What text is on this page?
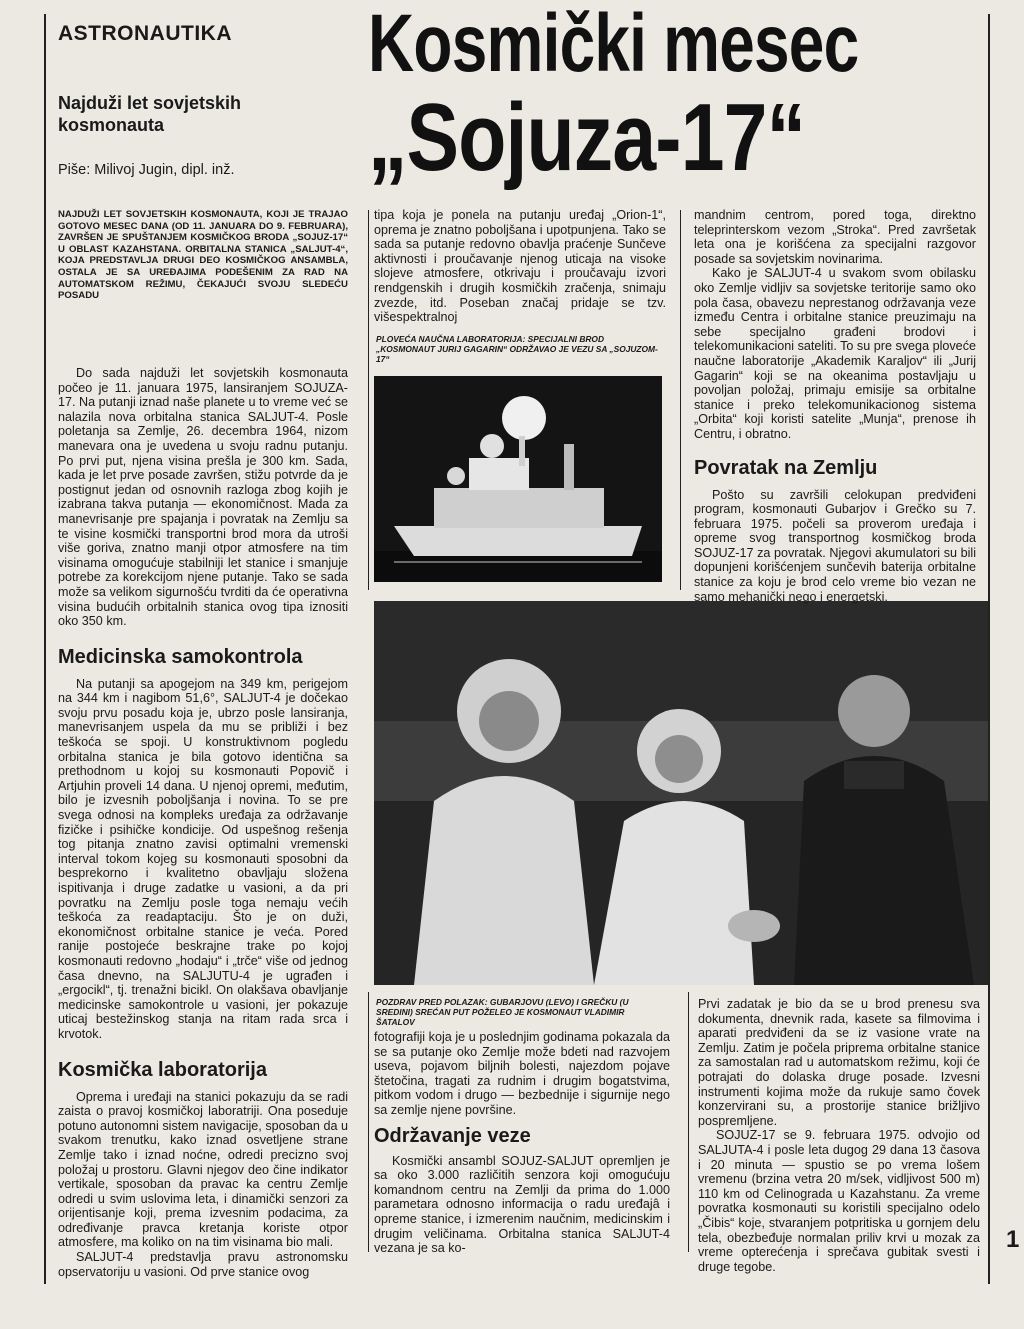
ASTRONAUTIKA Kosmički mesec
„Sojuza-17“
Najduži let sovjetskih kosmonauta
Piše: Milivoj Jugin, dipl. inž.
NAJDUŽI LET SOVJETSKIH KOSMONAUTA, KOJI JE TRAJAO GOTOVO MESEC DANA (OD 11. JANUARA DO 9. FEBRUARA), ZAVRŠEN JE SPUŠTANJEM KOSMIČKOG BRODA „SOJUZ-17“ U OBLAST KAZAHSTANA. ORBITALNA STANICA „SALJUT-4“, KOJA PREDSTAVLJA DRUGI DEO KOSMIČKOG ANSAMBLA, OSTALA JE SA UREĐAJIMA PODEŠENIM ZA RAD NA AUTOMATSKOM REŽIMU, ČEKAJUĆI SVOJU SLEDEĆU POSADU

Do sada najduži let sovjetskih kosmonauta počeo je 11. januara 1975, lansiranjem SOJUZA-17. Na putanji iznad naše planete u to vreme već se nalazila nova orbitalna stanica SALJUT-4. Posle poletanja sa Zemlje, 26. decembra 1964, nizom manevara ona je uvedena u svoju radnu putanju. Po prvi put, njena visina prešla je 300 km. Sada, kada je let prve posade završen, stižu potvrde da je postignut jedan od osnovnih razloga zbog kojih je izabrana takva putanja — ekonomičnost. Mada za manevrisanje pre spajanja i povratak na Zemlju sa te visine kosmički transportni brod mora da utroši više goriva, znatno manji otpor atmosfere na tim visinama omogućuje stabilniji let stanice i smanjuje potrebe za korekcijom njene putanje. Tako se sada može sa velikom sigurnošću tvrditi da će operativna visina budućih orbitalnih stanica ovog tipa iznositi oko 350 km.

Medicinska samokontrola

Na putanji sa apogejom na 349 km, perigejom na 344 km i nagibom 51,6°, SALJUT-4 je dočekao svoju prvu posadu koja je, ubrzo posle lansiranja, manevrisanjem uspela da mu se približi i bez teškoća se spoji. U konstruktivnom pogledu orbitalna stanica je bila gotovo identična sa prethodnom u kojoj su kosmonauti Popovič i Artjuhin proveli 14 dana. U njenoj opremi, međutim, bilo je izvesnih poboljšanja i novina. To se pre svega odnosi na kompleks uređaja za održavanje fizičke i psihičke kondicije. Od uspešnog rešenja tog pitanja znatno zavisi optimalni vremenski interval tokom kojeg su kosmonauti sposobni da besprekorno i kvalitetno obavljaju složena ispitivanja i druge zadatke u vasioni, a da pri povratku na Zemlju posle toga nemaju većih teškoća za readaptaciju. Što je on duži, ekonomičnost orbitalne stanice je veća. Pored ranije postojeće beskrajne trake po kojoj kosmonauti redovno „hodaju“ i „trče“ više od jednog časa dnevno, na SALJUTU-4 je ugrađen i „ergocikl“, tj. trenažni bicikl. On olakšava obavljanje medicinske samokontrole u vasioni, jer pokazuje uticaj bestežinskog stanja na ritam rada srca i krvotok.

Kosmička laboratorija

Oprema i uređaji na stanici pokazuju da se radi zaista o pravoj kosmičkoj laboratriji. Ona poseduje potuno autonomni sistem navigacije, sposoban da u svakom trenutku, kako iznad osvetljene strane Zemlje tako i iznad noćne, odredi precizno svoj položaj u prostoru. Glavni njegov deo čine indikator vertikale, sposoban da pravac ka centru Zemlje odredi u svim uslovima leta, i dinamički senzori za orijentisanje koji, prema izvesnim podacima, za određivanje pravca kretanja koriste otpor atmosfere, ma koliko on na tim visinama bio mali.

SALJUT-4 predstavlja pravu astronomsku opservatoriju u vasioni. Od prve stanice ovog

tipa koja je ponela na putanju uređaj „Orion-1“, oprema je znatno poboljšana i upotpunjena. Tako se sada sa putanje redovno obavlja praćenje Sunčeve aktivnosti i proučavanje njenog uticaja na visoke slojeve atmosfere, otkrivaju i proučavaju izvori rendgenskih i drugih kosmičkih zračenja, snimaju zvezde, itd. Poseban značaj pridaje se tzv. višespektralnoj

PLOVEĆA NAUČNA LABORATORIJA: SPECIJALNI BROD „KOSMONAUT JURIJ GAGARIN“ ODRŽAVAO JE VEZU SA „SOJUZOM-17“
POZDRAV PRED POLAZAK: GUBARJOVU (LEVO) I GREČKU (U SREDINI) SREĆAN PUT POŽELEO JE KOSMONAUT VLADIMIR ŠATALOV

fotografiji koja je u poslednjim godinama pokazala da se sa putanje oko Zemlje može bdeti nad razvojem useva, pojavom biljnih bolesti, najezdom pojave štetočina, tragati za rudnim i drugim bogatstvima, pitkom vodom i drugo — bezbednije i sigurnije nego sa zemlje njene površine.

Održavanje veze

Kosmički ansambl SOJUZ-SALJUT opremljen je sa oko 3.000 različitih senzora koji omogućuju komandnom centru na Zemlji da prima do 1.000 parametara odnosno informacija o radu uređajâ i opreme stanice, i izmerenim naučnim, medicinskim i drugim veličinama. Orbitalna stanica SALJUT-4 vezana je sa ko-

mandnim centrom, pored toga, direktno teleprinterskom vezom „Stroka“. Pred završetak leta ona je korišćena za specijalni razgovor posade sa sovjetskim novinarima.

Kako je SALJUT-4 u svakom svom obilasku oko Zemlje vidljiv sa sovjetske teritorije samo oko pola časa, obavezu neprestanog održavanja veze između Centra i orbitalne stanice preuzimaju na sebe specijalno građeni brodovi i telekomunikacioni sateliti. To su pre svega ploveće naučne laboratorije „Akademik Karaljov“ ili „Jurij Gagarin“ koji se na okeanima postavljaju u povoljan položaj, primaju emisije sa orbitalne stanice i preko telekomunikacionog sistema „Orbita“ koji koristi satelite „Munja“, prenose ih Centru, i obratno.

Povratak na Zemlju

Pošto su završili celokupan predviđeni program, kosmonauti Gubarjov i Grečko su 7. februara 1975. počeli sa proverom uređaja i opreme svog transportnog kosmičkog broda SOJUZ-17 za povratak. Njegovi akumulatori su bili dopunjeni korišćenjem sunčevih baterija orbitalne stanice za koju je brod celo vreme bio vezan ne samo mehanički nego i energetski.

Prvi zadatak je bio da se u brod prenesu sva dokumenta, dnevnik rada, kasete sa filmovima i aparati predviđeni da se iz vasione vrate na Zemlju. Zatim je počela priprema orbitalne stanice za samostalan rad u automatskom režimu, koji će potrajati do dolaska druge posade. Izvesni instrumenti kojima može da rukuje samo čovek konzervirani su, a prostorije stanice brižljivo pospremljene.

SOJUZ-17 se 9. februara 1975. odvojio od SALJUTA-4 i posle leta dugog 29 dana 13 časova i 20 minuta — spustio se po vrema lošem vremenu (brzina vetra 20 m/sek, vidljivost 500 m) 110 km od Celinograda u Kazahstanu. Za vreme povratka kosmonauti su koristili specijalno odelo „Čibis“ koje, stvaranjem potpritiska u gornjem delu tela, obezbeđuje normalan priliv krvi u mozak za vreme opterećenja i sprečava gubitak svesti i druge tegobe.

1
